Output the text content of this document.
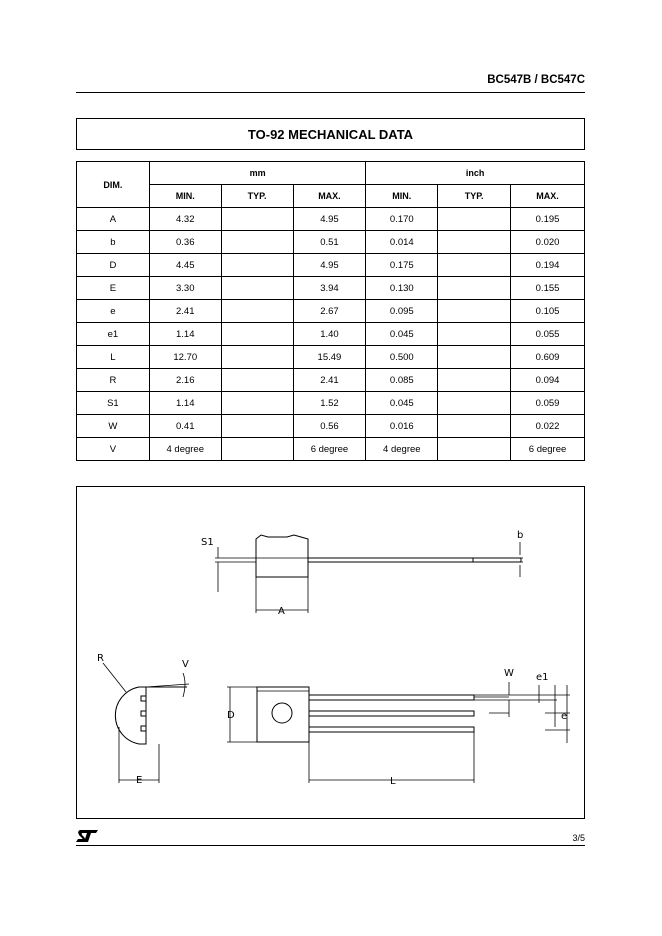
BC547B / BC547C
TO-92 MECHANICAL DATA
DIM.	mm			inch		
	MIN.	TYP.	MAX.	MIN.	TYP.	MAX.
A	4.32		4.95	0.170		0.195
b	0.36		0.51	0.014		0.020
D	4.45		4.95	0.175		0.194
E	3.30		3.94	0.130		0.155
e	2.41		2.67	0.095		0.105
e1	1.14		1.40	0.045		0.055
L	12.70		15.49	0.500		0.609
R	2.16		2.41	0.085		0.094
S1	1.14		1.52	0.045		0.059
W	0.41		0.56	0.016		0.022
V	4 degree		6 degree	4 degree		6 degree
S1
b
A
R
V
E
D
L
W e1
e
3/5
